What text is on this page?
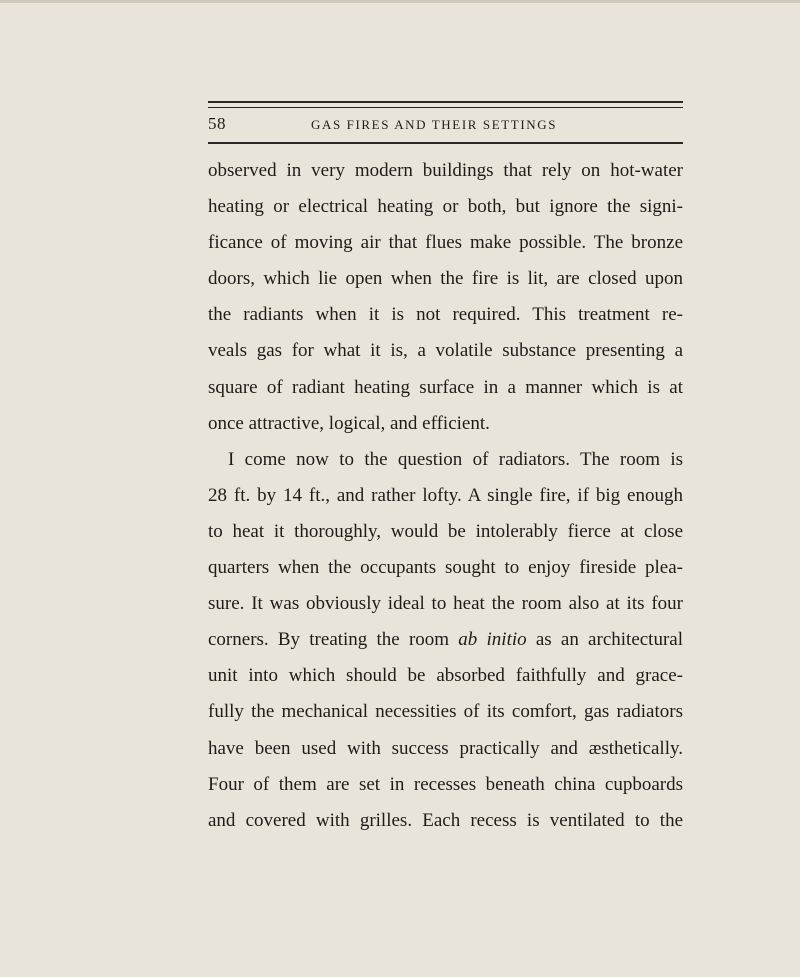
58	GAS FIRES AND THEIR SETTINGS
observed in very modern buildings that rely on hot-water
heating or electrical heating or both, but ignore the signi-
ficance of moving air that flues make possible. The bronze
doors, which lie open when the fire is lit, are closed upon
the radiants when it is not required. This treatment re-
veals gas for what it is, a volatile substance presenting a
square of radiant heating surface in a manner which is at
once attractive, logical, and efficient.
I come now to the question of radiators. The room is
28 ft. by 14 ft., and rather lofty. A single fire, if big enough
to heat it thoroughly, would be intolerably fierce at close
quarters when the occupants sought to enjoy fireside plea-
sure. It was obviously ideal to heat the room also at its four
corners. By treating the room ab initio as an architectural
unit into which should be absorbed faithfully and grace-
fully the mechanical necessities of its comfort, gas radiators
have been used with success practically and æsthetically.
Four of them are set in recesses beneath china cupboards
and covered with grilles. Each recess is ventilated to the
